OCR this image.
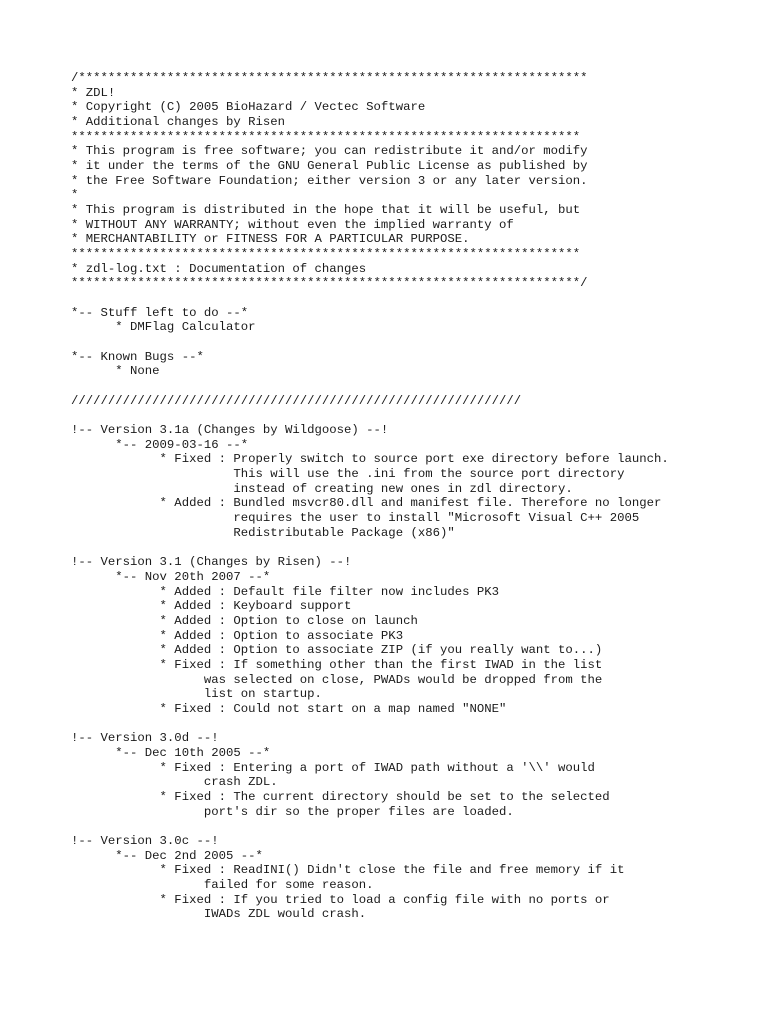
/*********************************************************************
* ZDL!
* Copyright (C) 2005 BioHazard / Vectec Software
* Additional changes by Risen
*********************************************************************
* This program is free software; you can redistribute it and/or modify
* it under the terms of the GNU General Public License as published by
* the Free Software Foundation; either version 3 or any later version.
*
* This program is distributed in the hope that it will be useful, but
* WITHOUT ANY WARRANTY; without even the implied warranty of
* MERCHANTABILITY or FITNESS FOR A PARTICULAR PURPOSE.
*********************************************************************
* zdl-log.txt : Documentation of changes
*********************************************************************/
*-- Stuff left to do --*
* DMFlag Calculator
*-- Known Bugs --*
* None
/////////////////////////////////////////////////////////////
!-- Version 3.1a (Changes by Wildgoose) --!
*-- 2009-03-16 --*
* Fixed : Properly switch to source port exe directory before launch.
This will use the .ini from the source port directory
instead of creating new ones in zdl directory.
* Added : Bundled msvcr80.dll and manifest file. Therefore no longer
requires the user to install "Microsoft Visual C++ 2005
Redistributable Package (x86)"
!-- Version 3.1 (Changes by Risen) --!
*-- Nov 20th 2007 --*
* Added : Default file filter now includes PK3
* Added : Keyboard support
* Added : Option to close on launch
* Added : Option to associate PK3
* Added : Option to associate ZIP (if you really want to...)
* Fixed : If something other than the first IWAD in the list
was selected on close, PWADs would be dropped from the
list on startup.
* Fixed : Could not start on a map named "NONE"
!-- Version 3.0d --!
*-- Dec 10th 2005 --*
* Fixed : Entering a port of IWAD path without a '\\' would
crash ZDL.
* Fixed : The current directory should be set to the selected
port's dir so the proper files are loaded.
!-- Version 3.0c --!
*-- Dec 2nd 2005 --*
* Fixed : ReadINI() Didn't close the file and free memory if it
failed for some reason.
* Fixed : If you tried to load a config file with no ports or
IWADs ZDL would crash.
